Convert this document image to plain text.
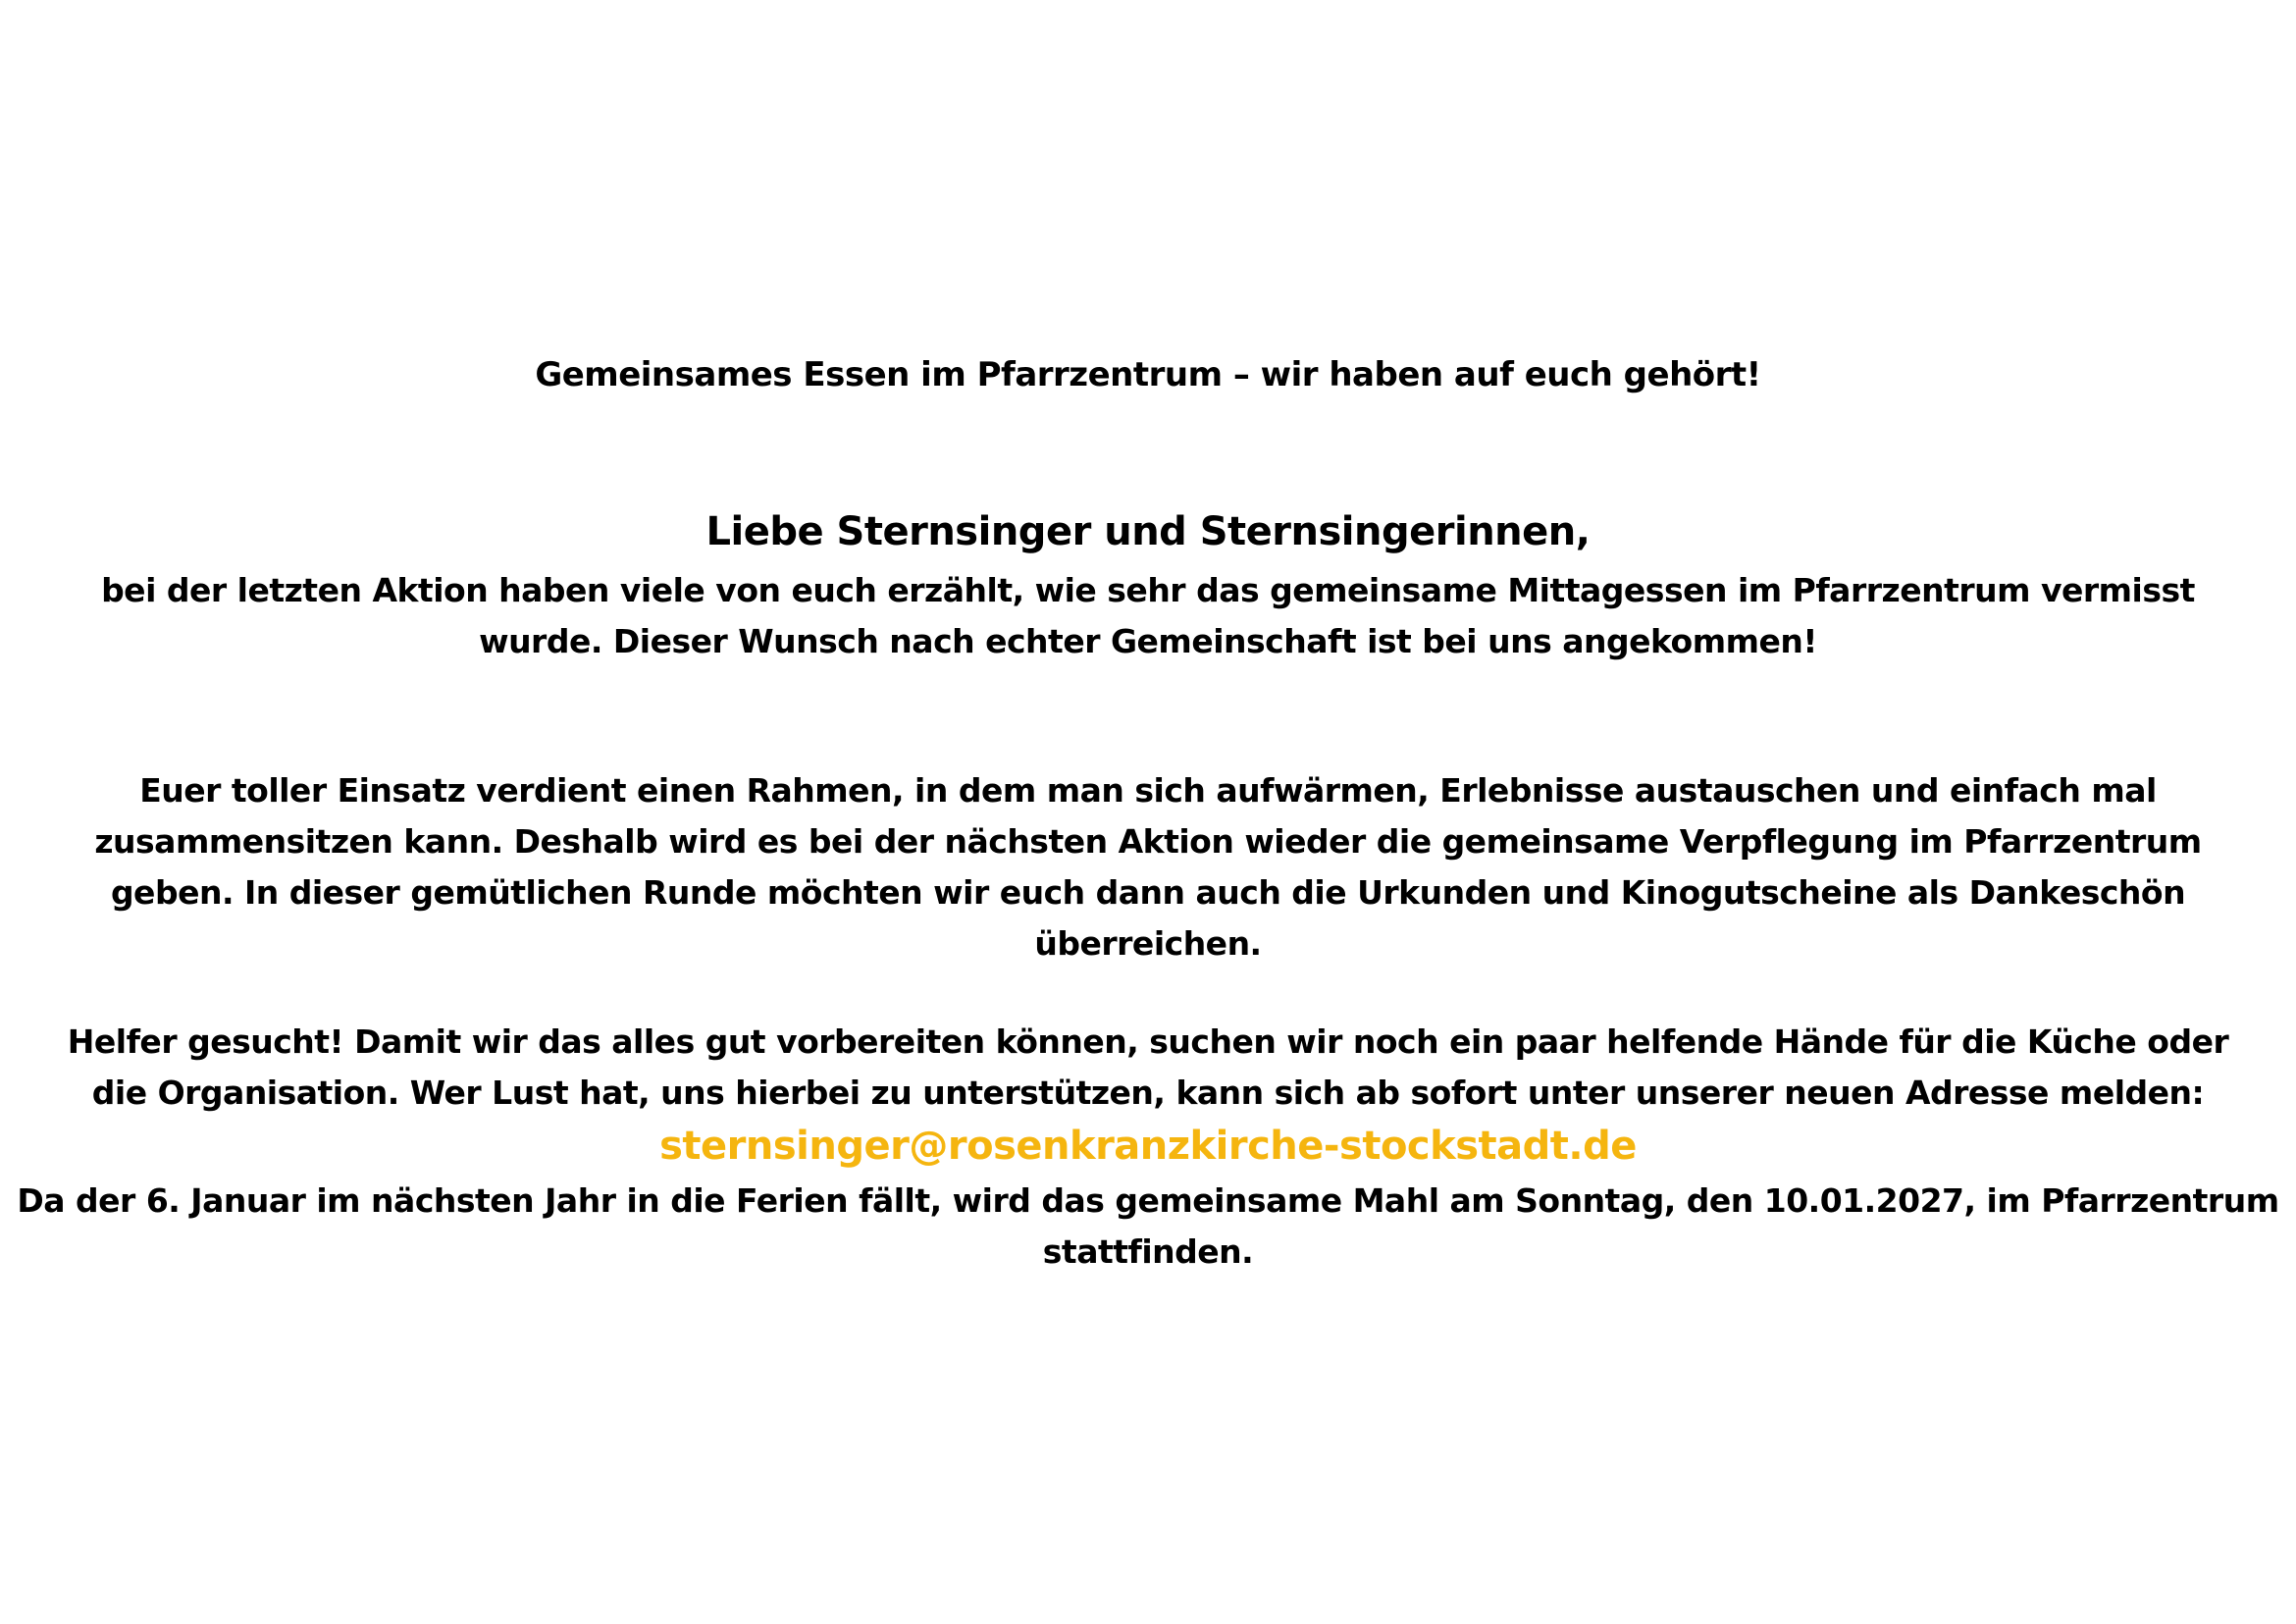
Gemeinsames Essen im Pfarrzentrum – wir haben auf euch gehört!
Liebe Sternsinger und Sternsingerinnen,
bei der letzten Aktion haben viele von euch erzählt, wie sehr das gemeinsame Mittagessen im Pfarrzentrum vermisst wurde. Dieser Wunsch nach echter Gemeinschaft ist bei uns angekommen!
Euer toller Einsatz verdient einen Rahmen, in dem man sich aufwärmen, Erlebnisse austauschen und einfach mal zusammensitzen kann. Deshalb wird es bei der nächsten Aktion wieder die gemeinsame Verpflegung im Pfarrzentrum geben. In dieser gemütlichen Runde möchten wir euch dann auch die Urkunden und Kinogutscheine als Dankeschön überreichen.
Helfer gesucht! Damit wir das alles gut vorbereiten können, suchen wir noch ein paar helfende Hände für die Küche oder die Organisation. Wer Lust hat, uns hierbei zu unterstützen, kann sich ab sofort unter unserer neuen Adresse melden:
sternsinger@rosenkranzkirche-stockstadt.de
Da der 6. Januar im nächsten Jahr in die Ferien fällt, wird das gemeinsame Mahl am Sonntag, den 10.01.2027, im Pfarrzentrum stattfinden.
